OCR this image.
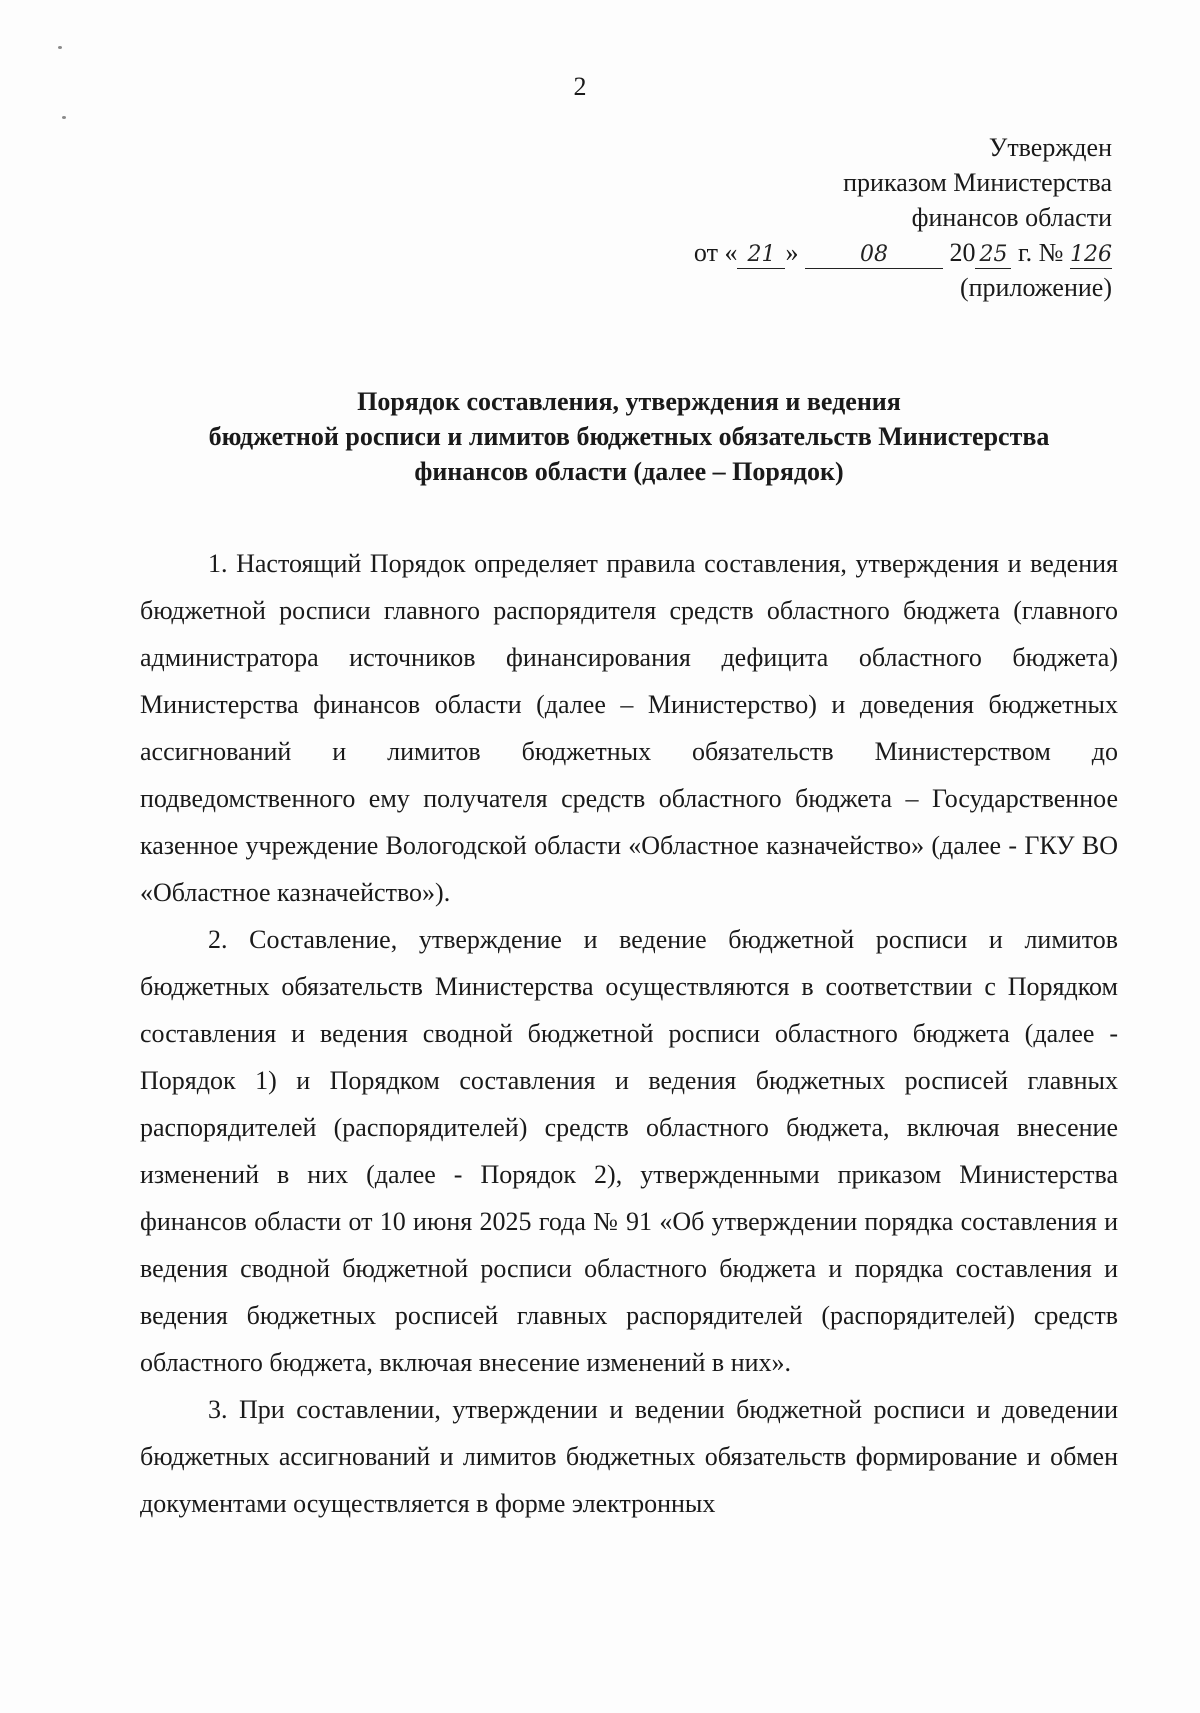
2
Утвержден
приказом Министерства
финансов области
от « 21 »	08 20 25 г. № 126
(приложение)
Порядок составления, утверждения и ведения
бюджетной росписи и лимитов бюджетных обязательств Министерства
финансов области (далее – Порядок)

1. Настоящий Порядок определяет правила составления, утверждения и ведения бюджетной росписи главного распорядителя средств областного бюджета (главного администратора источников финансирования дефицита областного бюджета) Министерства финансов области (далее – Министерство) и доведения бюджетных ассигнований и лимитов бюджетных обязательств Министерством до подведомственного ему получателя средств областного бюджета – Государственное казенное учреждение Вологодской области «Областное казначейство» (далее - ГКУ ВО «Областное казначейство»).

2. Составление, утверждение и ведение бюджетной росписи и лимитов бюджетных обязательств Министерства осуществляются в соответствии с Порядком составления и ведения сводной бюджетной росписи областного бюджета (далее - Порядок 1) и Порядком составления и ведения бюджетных росписей главных распорядителей (распорядителей) средств областного бюджета, включая внесение изменений в них (далее - Порядок 2), утвержденными приказом Министерства финансов области от 10 июня 2025 года № 91 «Об утверждении порядка составления и ведения сводной бюджетной росписи областного бюджета и порядка составления и ведения бюджетных росписей главных распорядителей (распорядителей) средств областного бюджета, включая внесение изменений в них».

3. При составлении, утверждении и ведении бюджетной росписи и доведении бюджетных ассигнований и лимитов бюджетных обязательств формирование и обмен документами осуществляется в форме электронных
